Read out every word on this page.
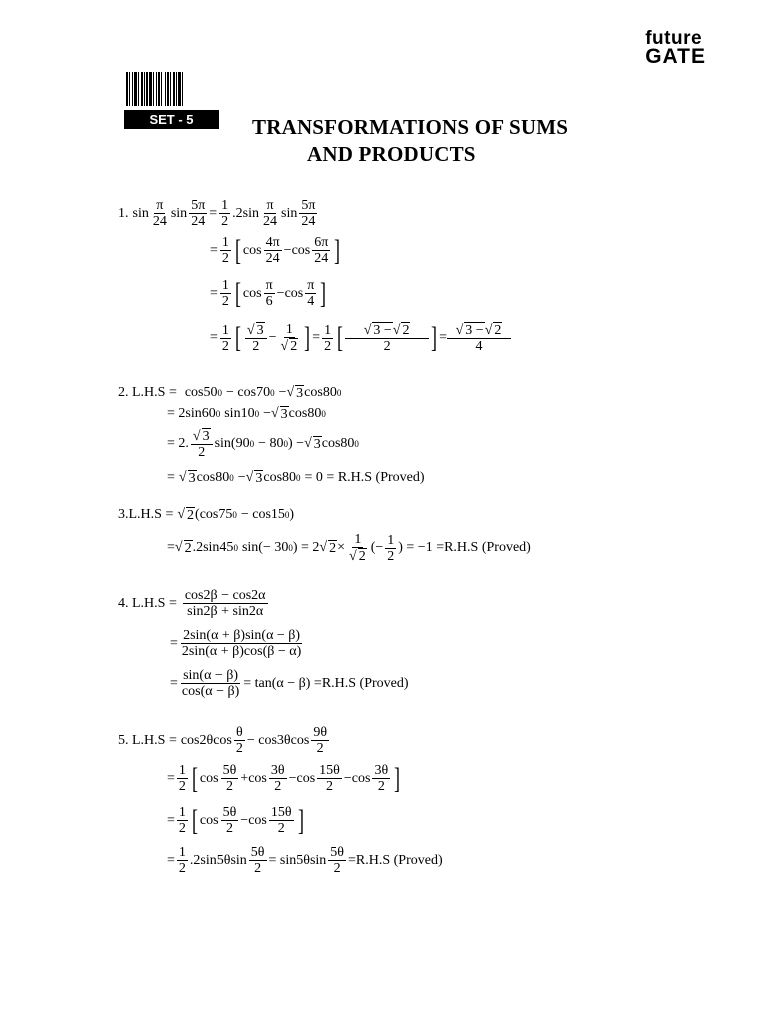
future
GATE
SET - 5	TRANSFORMATIONS OF SUMS
AND PRODUCTS
1. sin π
24
$\sin \frac{5\pi}{24} = \frac{1}{2} .2\sin$ π
24
sin 5π
24
= $\frac{1}{2}$ [ cos 4π
24
− cos 6π
24 ]
= $\frac{1}{2}$ [ cos π
6
− cos π
4 ]
= $\frac{1}{2}$ [ √ 3
2
− $\frac{1}{√ 2}$ ] = $\frac{1}{2}$ [	√ 3 −√ 2
2 ] = $\frac{√ 3 -√ 2}{4}$
2. L.H.S = cos50 0 − cos70 0 − √ 3 cos80 0
= 2sin60 0 sin10 0 − √ 3 cos80 0
= 2. √ 3
2
sin(90 0 − 80 0 ) − √ 3 cos80 0
= √ 3 cos80 0 − √ 3 cos80 0 = 0 = R.H.S (Proved)
3.L.H.S = √ 2 (cos75 0 − cos15 0 )
= √ 2 .2sin45 0 sin(− 30 0 ) = 2 √ $2 \times \frac{1}{√ 2}$ (− $\frac{1}{2}$ ) = −1 =R.H.S (Proved)
4. L.H.S = cos2β − cos2α
sin2β + sin2α
= $\frac{2\sin(\alpha + \beta)\sin(\alpha - \beta)}{2\sin(\alpha + \beta)\cos(\beta - \alpha)}$
= $\frac{\sin(\alpha - \beta)}{\cos(\alpha - \beta)} = \tan(\alpha - \beta) =R.H.S$ (Proved)
5. L.H.S = cos2θcos θ
2
− cos3θcos 9θ
2
= $\frac{1}{2}$ [ cos 5θ
2
+ cos 3θ
2
− cos 15θ
2
− cos 3θ
2 ]
= $\frac{1}{2}$ [ cos 5θ
2
− cos 15θ
2 ]
= $\frac{1}{2} .2\sin 5\theta\sin \frac{5\theta}{2} = \sin 5\theta\sin \frac{5\theta}{2} =R.H.S$ (Proved)
